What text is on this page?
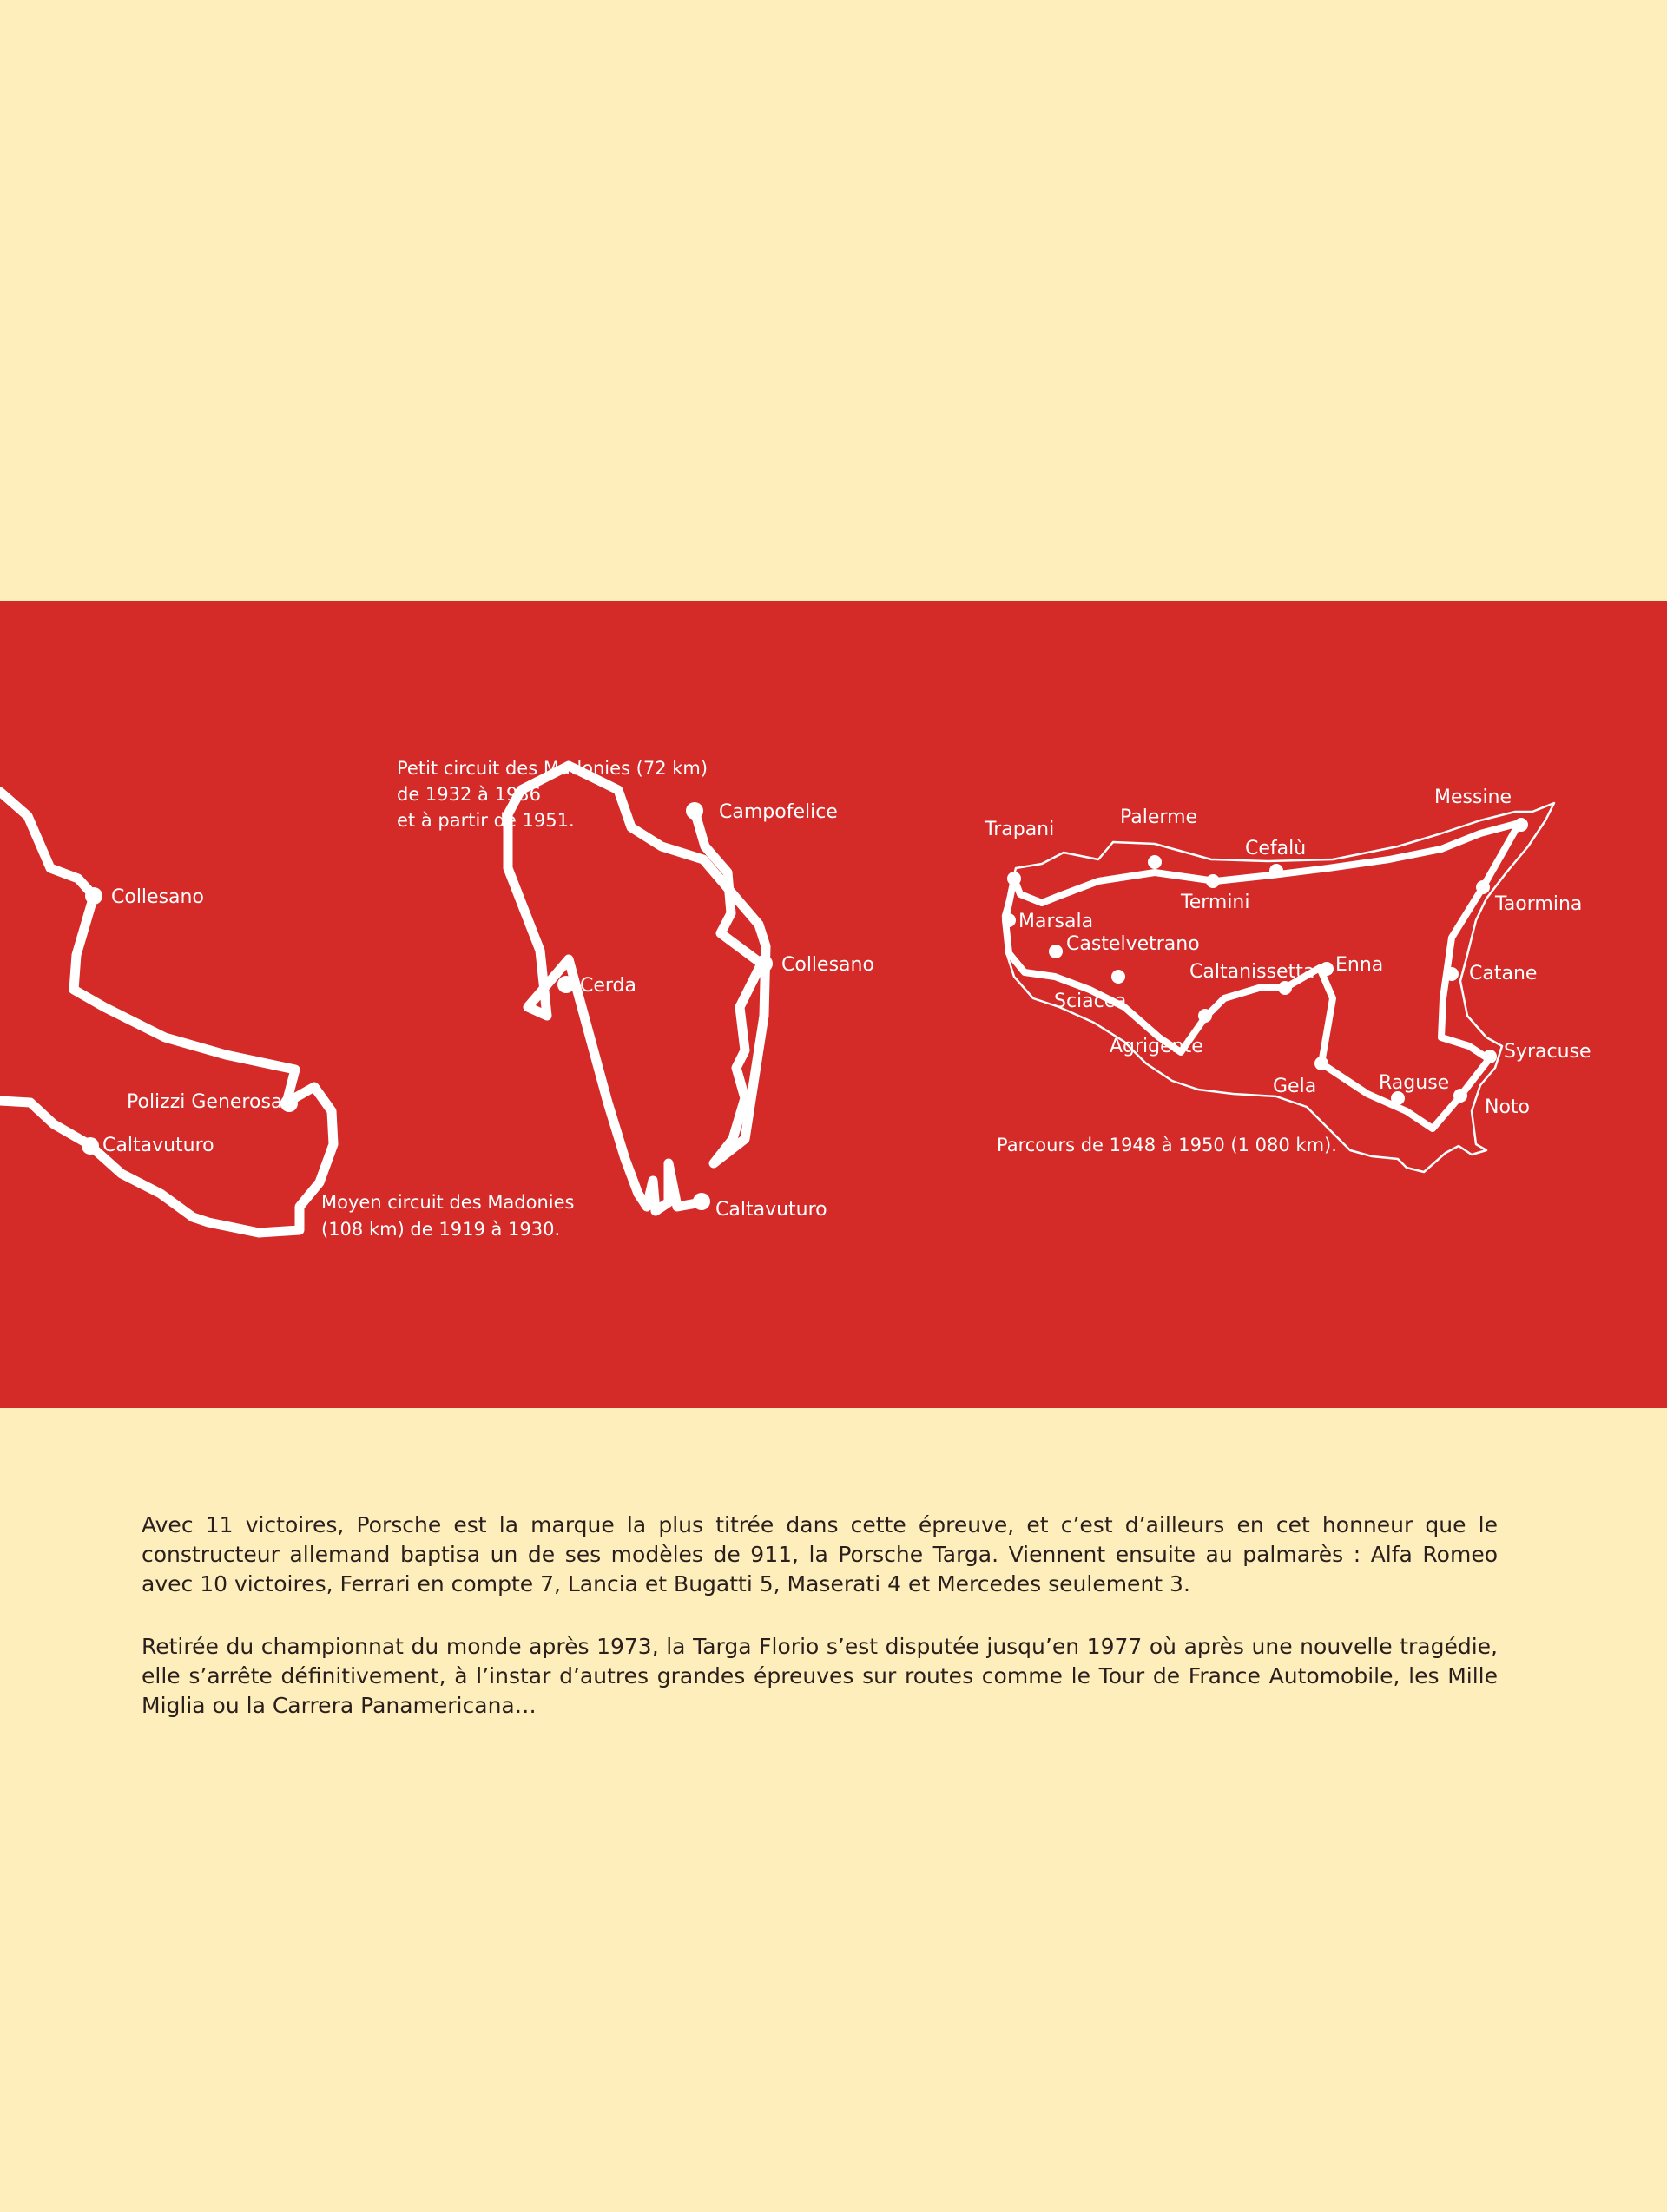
Collesano
Polizzi Generosa
Caltavuturo
Moyen circuit des Madonies
(108 km) de 1919 à 1930.
Campofelice
Collesano
Cerda
Caltavuturo
Petit circuit des Madonies (72 km)
de 1932 à 1936
et à partir de 1951.	Trapani
Palerme
Cefalù
Messine
Termini	Taormina
Marsala
Castelvetrano
Caltanissetta Enna	Catane
Sciacca
Agrigente	Syracuse
Gela	Raguse
Noto
Parcours de 1948 à 1950 (1 080 km).

Avec 11 victoires, Porsche est la marque la plus titrée dans cette épreuve, et c’est d’ailleurs en cet honneur que le constructeur allemand baptisa un de ses modèles de 911, la Porsche Targa. Viennent ensuite au palmarès : Alfa Romeo avec 10 victoires, Ferrari en compte 7, Lancia et Bugatti 5, Maserati 4 et Mercedes seulement 3.

Retirée du championnat du monde après 1973, la Targa Florio s’est disputée jusqu’en 1977 où après une nouvelle tragédie, elle s’arrête définitivement, à l’instar d’autres grandes épreuves sur routes comme le Tour de France Automobile, les Mille Miglia ou la Carrera Panamericana…
